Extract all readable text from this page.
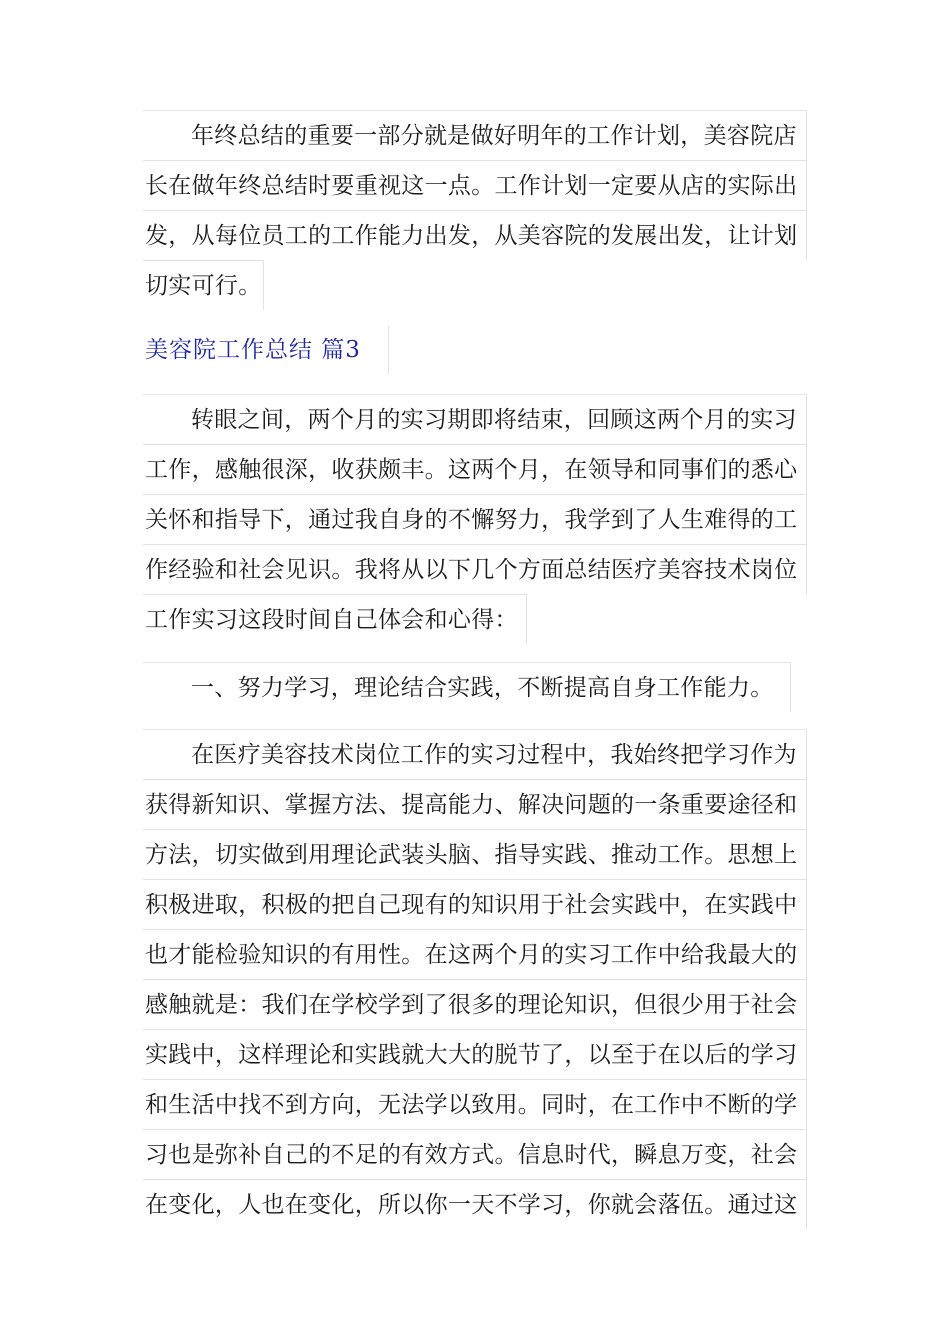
年终总结的重要一部分就是做好明年的工作计划，美容院店
长在做年终总结时要重视这一点。工作计划一定要从店的实际出
发，从每位员工的工作能力出发，从美容院的发展出发，让计划
切实可行。
美容院工作总结 篇3
转眼之间，两个月的实习期即将结束，回顾这两个月的实习
工作，感触很深，收获颇丰。这两个月，在领导和同事们的悉心
关怀和指导下，通过我自身的不懈努力，我学到了人生难得的工
作经验和社会见识。我将从以下几个方面总结医疗美容技术岗位
工作实习这段时间自己体会和心得：
一、努力学习，理论结合实践，不断提高自身工作能力。
在医疗美容技术岗位工作的实习过程中，我始终把学习作为
获得新知识、掌握方法、提高能力、解决问题的一条重要途径和
方法，切实做到用理论武装头脑、指导实践、推动工作。思想上
积极进取，积极的把自己现有的知识用于社会实践中，在实践中
也才能检验知识的有用性。在这两个月的实习工作中给我最大的
感触就是：我们在学校学到了很多的理论知识，但很少用于社会
实践中，这样理论和实践就大大的脱节了，以至于在以后的学习
和生活中找不到方向，无法学以致用。同时，在工作中不断的学
习也是弥补自己的不足的有效方式。信息时代，瞬息万变，社会
在变化，人也在变化，所以你一天不学习，你就会落伍。通过这
